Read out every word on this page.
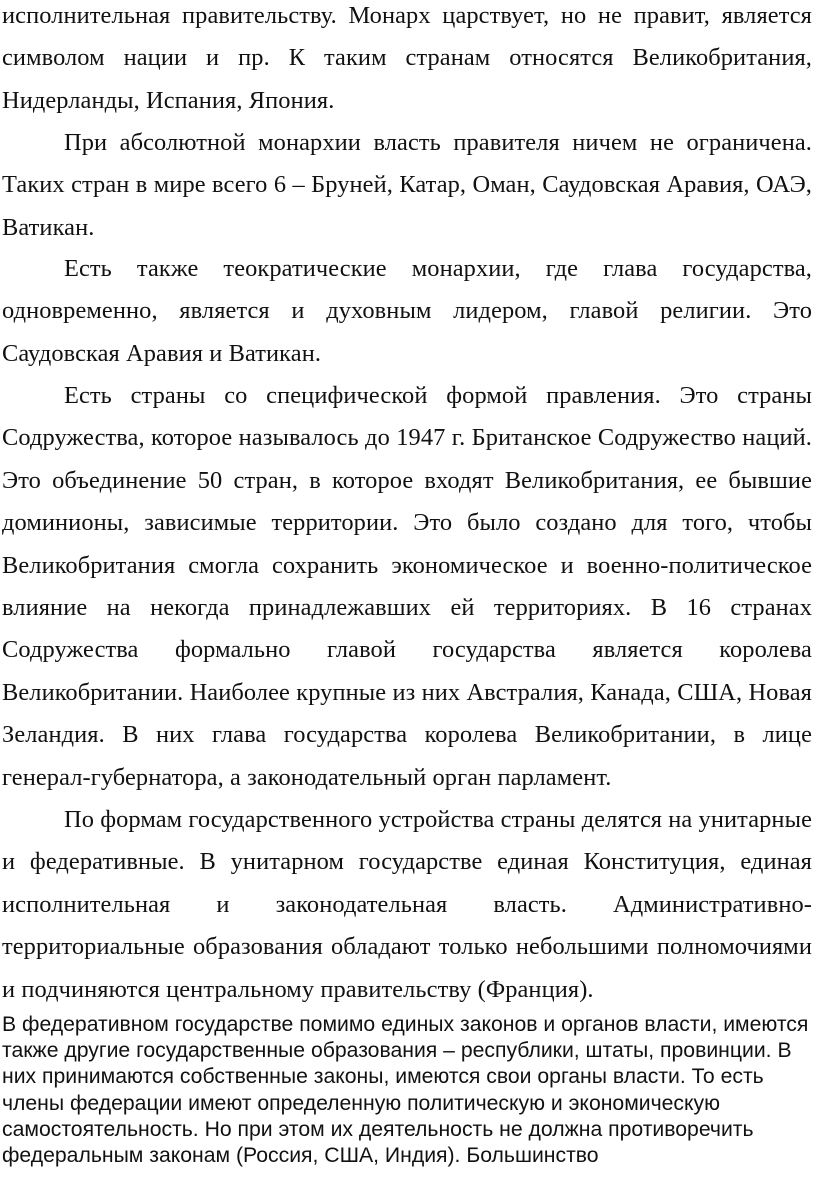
исполнительная правительству. Монарх царствует, но не правит, является символом нации и пр. К таким странам относятся Великобритания, Нидерланды, Испания, Япония.

При абсолютной монархии власть правителя ничем не ограничена. Таких стран в мире всего 6 – Бруней, Катар, Оман, Саудовская Аравия, ОАЭ, Ватикан.

Есть также теократические монархии, где глава государства, одновременно, является и духовным лидером, главой религии. Это Саудовская Аравия и Ватикан.

Есть страны со специфической формой правления. Это страны Содружества, которое называлось до 1947 г. Британское Содружество наций. Это объединение 50 стран, в которое входят Великобритания, ее бывшие доминионы, зависимые территории. Это было создано для того, чтобы Великобритания смогла сохранить экономическое и военно-политическое влияние на некогда принадлежавших ей территориях. В 16 странах Содружества формально главой государства является королева Великобритании. Наиболее крупные из них Австралия, Канада, США, Новая Зеландия. В них глава государства королева Великобритании, в лице генерал-губернатора, а законодательный орган парламент.

По формам государственного устройства страны делятся на унитарные и федеративные. В унитарном государстве единая Конституция, единая исполнительная и законодательная власть. Административно-территориальные образования обладают только небольшими полномочиями и подчиняются центральному правительству (Франция).

В федеративном государстве помимо единых законов и органов власти, имеются также другие государственные образования – республики, штаты, провинции. В них принимаются собственные законы, имеются свои органы власти. То есть члены федерации имеют определенную политическую и экономическую самостоятельность. Но при этом их деятельность не должна противоречить федеральным законам (Россия, США, Индия). Большинство
